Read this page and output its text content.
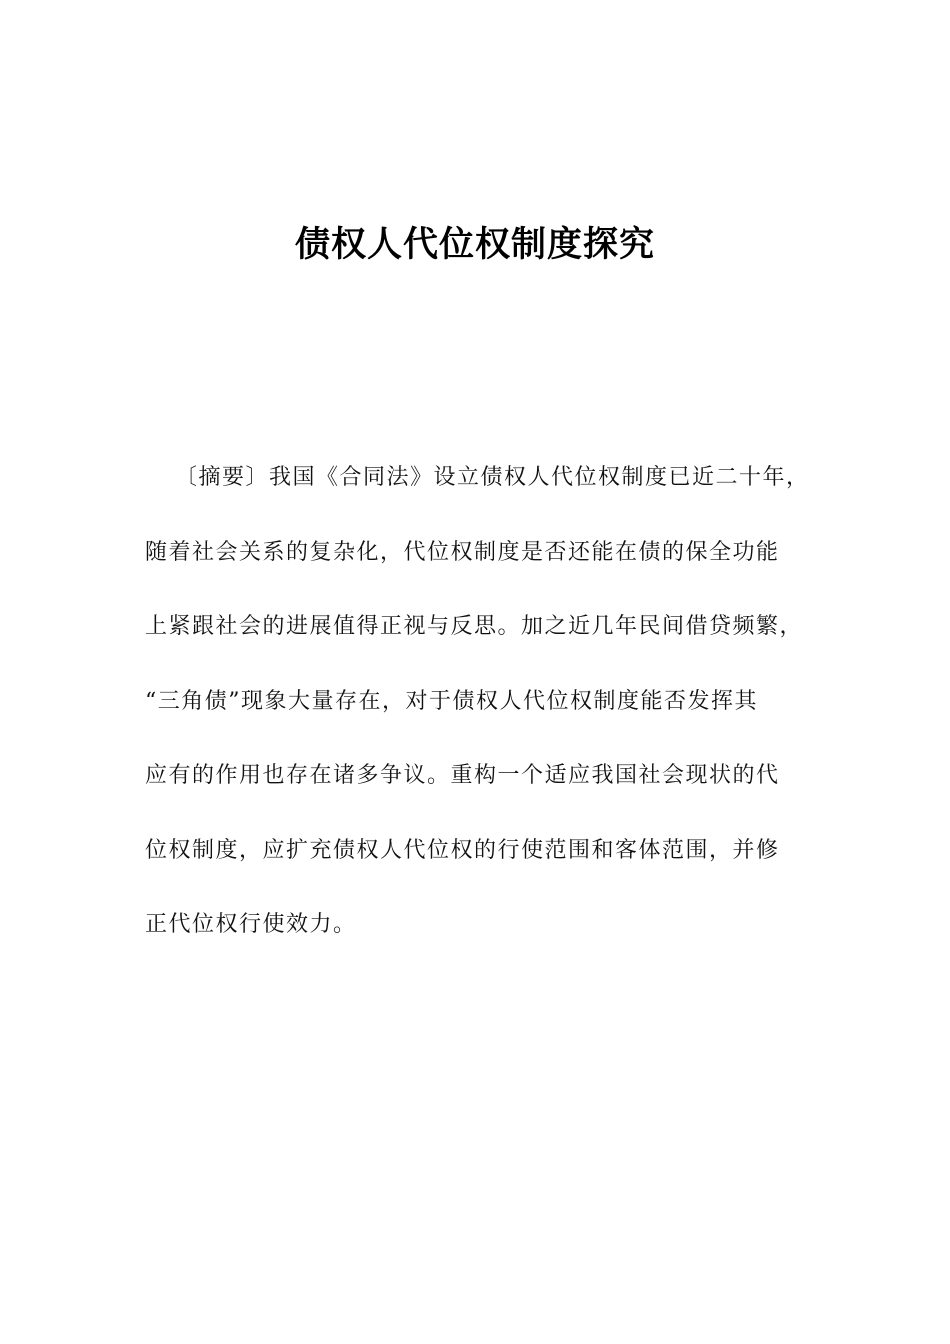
债权人代位权制度探究
〔摘要〕我国《合同法》设立债权人代位权制度已近二十年，
随着社会关系的复杂化，代位权制度是否还能在债的保全功能
上紧跟社会的进展值得正视与反思。加之近几年民间借贷频繁，
“三角债”现象大量存在，对于债权人代位权制度能否发挥其
应有的作用也存在诸多争议。重构一个适应我国社会现状的代
位权制度，应扩充债权人代位权的行使范围和客体范围，并修
正代位权行使效力。
